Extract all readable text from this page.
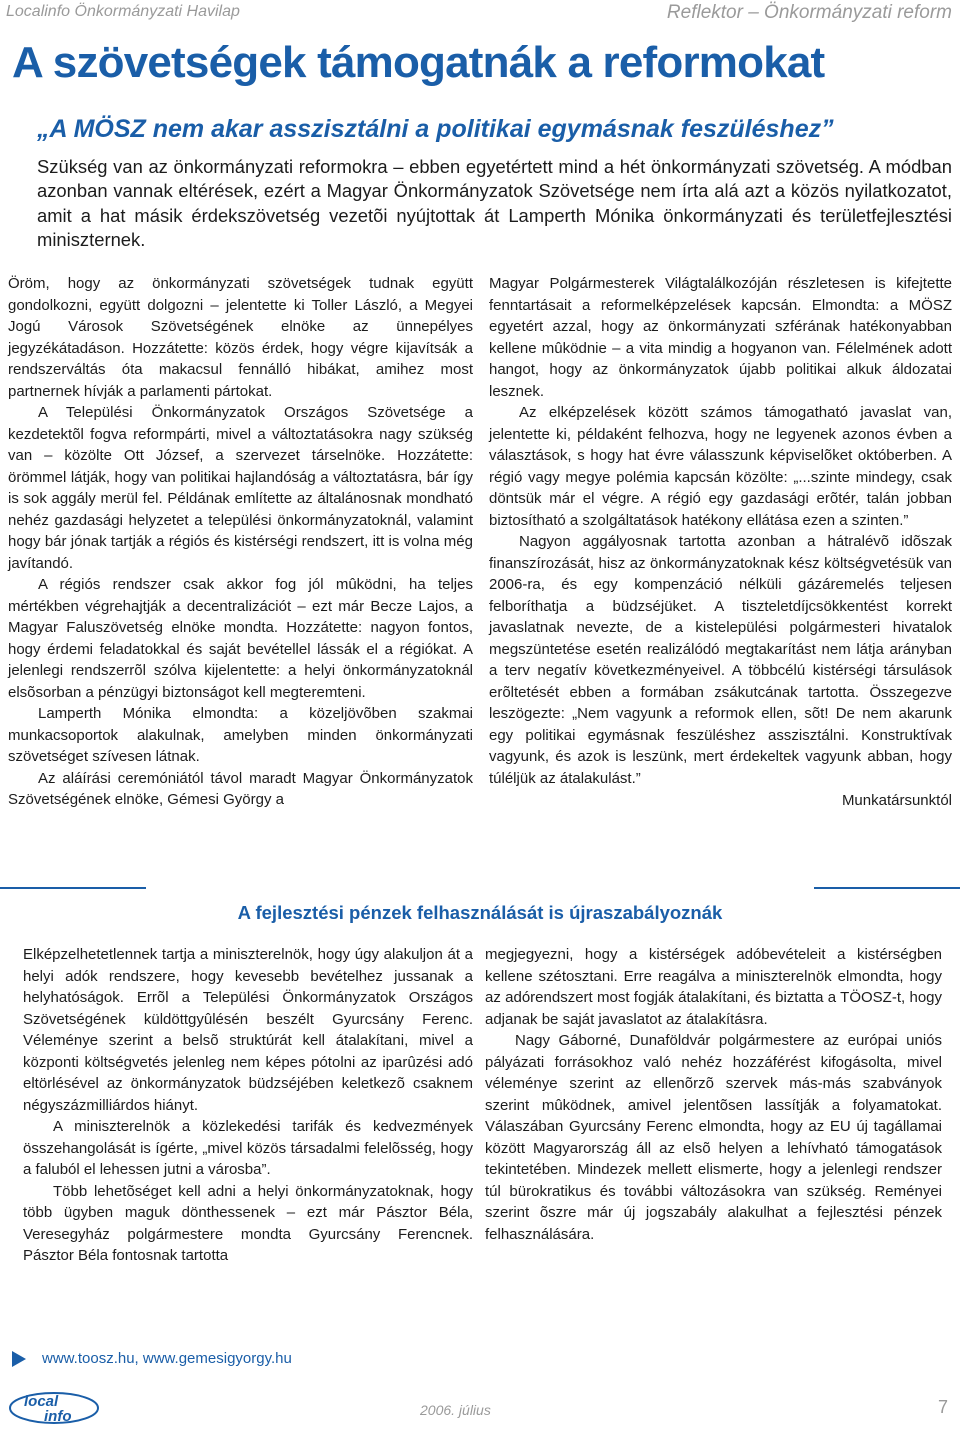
Localinfo Önkormányzati Havilap	Reflektor – Önkormányzati reform
A szövetségek támogatnák a reformokat
„A MÖSZ nem akar asszisztálni a politikai egymásnak feszüléshez”

Szükség van az önkormányzati reformokra – ebben egyetértett mind a hét önkormányzati szövetség. A módban azonban vannak eltérések, ezért a Magyar Önkormányzatok Szövetsége nem írta alá azt a közös nyilatkozatot, amit a hat másik érdekszövetség vezetõi nyújtottak át Lamperth Mónika önkormányzati és területfejlesztési miniszternek.

Öröm, hogy az önkormányzati szövetségek tudnak együtt gondolkozni, együtt dolgozni – jelentette ki Toller László, a Megyei Jogú Városok Szövetségének elnöke az ünnepélyes jegyzékátadáson. Hozzátette: közös érdek, hogy végre kijavítsák a rendszerváltás óta makacsul fennálló hibákat, amihez most partnernek hívják a parlamenti pártokat.

A Települési Önkormányzatok Országos Szövetsége a kezdetektõl fogva reformpárti, mivel a változtatásokra nagy szükség van – közölte Ott József, a szervezet társelnöke. Hozzátette: örömmel látják, hogy van politikai hajlandóság a változtatásra, bár így is sok aggály merül fel. Példának említette az általánosnak mondható nehéz gazdasági helyzetet a települési önkormányzatoknál, valamint hogy bár jónak tartják a régiós és kistérségi rendszert, itt is volna még javítandó.

A régiós rendszer csak akkor fog jól mûködni, ha teljes mértékben végrehajtják a decentralizációt – ezt már Becze Lajos, a Magyar Faluszövetség elnöke mondta. Hozzátette: nagyon fontos, hogy érdemi feladatokkal és saját bevétellel lássák el a régiókat. A jelenlegi rendszerrõl szólva kijelentette: a helyi önkormányzatoknál elsõsorban a pénzügyi biztonságot kell megteremteni.

Lamperth Mónika elmondta: a közeljövõben szakmai munkacsoportok alakulnak, amelyben minden önkormányzati szövetséget szívesen látnak.

Az aláírási ceremóniától távol maradt Magyar Önkormányzatok Szövetségének elnöke, Gémesi György a

Magyar Polgármesterek Világtalálkozóján részletesen is kifejtette fenntartásait a reformelképzelések kapcsán. Elmondta: a MÖSZ egyetért azzal, hogy az önkormányzati szférának hatékonyabban kellene mûködnie – a vita mindig a hogyanon van. Félelmének adott hangot, hogy az önkormányzatok újabb politikai alkuk áldozatai lesznek.

Az elképzelések között számos támogatható javaslat van, jelentette ki, példaként felhozva, hogy ne legyenek azonos évben a választások, s hogy hat évre válasszunk képviselõket októberben. A régió vagy megye polémia kapcsán közölte: „...szinte mindegy, csak döntsük már el végre. A régió egy gazdasági erõtér, talán jobban biztosítható a szolgáltatások hatékony ellátása ezen a szinten.”

Nagyon aggályosnak tartotta azonban a hátralévõ idõszak finanszírozását, hisz az önkormányzatoknak kész költségvetésük van 2006-ra, és egy kompenzáció nélküli gázáremelés teljesen felboríthatja a büdzséjüket. A tiszteletdíjcsökkentést korrekt javaslatnak nevezte, de a kistelepülési polgármesteri hivatalok megszüntetése esetén realizálódó megtakarítást nem látja arányban a terv negatív következményeivel. A többcélú kistérségi társulások erõltetését ebben a formában zsákutcának tartotta. Összegezve leszögezte: „Nem vagyunk a reformok ellen, sõt! De nem akarunk egy politikai egymásnak feszüléshez asszisztálni. Konstruktívak vagyunk, és azok is leszünk, mert érdekeltek vagyunk abban, hogy túléljük az átalakulást.”

Munkatársunktól

A fejlesztési pénzek felhasználását is újraszabályoznák

Elképzelhetetlennek tartja a miniszterelnök, hogy úgy alakuljon át a helyi adók rendszere, hogy kevesebb bevételhez jussanak a helyhatóságok. Errõl a Települési Önkormányzatok Országos Szövetségének küldöttgyûlésén beszélt Gyurcsány Ferenc. Véleménye szerint a belsõ struktúrát kell átalakítani, mivel a központi költségvetés jelenleg nem képes pótolni az iparûzési adó eltörlésével az önkormányzatok büdzséjében keletkezõ csaknem négyszázmilliárdos hiányt.

A miniszterelnök a közlekedési tarifák és kedvezmények összehangolását is ígérte, „mivel közös társadalmi felelõsség, hogy a faluból el lehessen jutni a városba”.

Több lehetõséget kell adni a helyi önkormányzatoknak, hogy több ügyben maguk dönthessenek – ezt már Pásztor Béla, Veresegyház polgármestere mondta Gyurcsány Ferencnek. Pásztor Béla fontosnak tartotta

megjegyezni, hogy a kistérségek adóbevételeit a kistérségben kellene szétosztani. Erre reagálva a miniszterelnök elmondta, hogy az adórendszert most fogják átalakítani, és biztatta a TÖOSZ-t, hogy adjanak be saját javaslatot az átalakításra.

Nagy Gáborné, Dunaföldvár polgármestere az európai uniós pályázati forrásokhoz való nehéz hozzáférést kifogásolta, mivel véleménye szerint az ellenõrzõ szervek más-más szabványok szerint mûködnek, amivel jelentõsen lassítják a folyamatokat. Válaszában Gyurcsány Ferenc elmondta, hogy az EU új tagállamai között Magyarország áll az elsõ helyen a lehívható támogatások tekintetében. Mindezek mellett elismerte, hogy a jelenlegi rendszer túl bürokratikus és további változásokra van szükség. Reményei szerint õszre már új jogszabály alakulhat a fejlesztési pénzek felhasználására.

www.toosz.hu, www.gemesigyorgy.hu
local
info	2006. július	7
